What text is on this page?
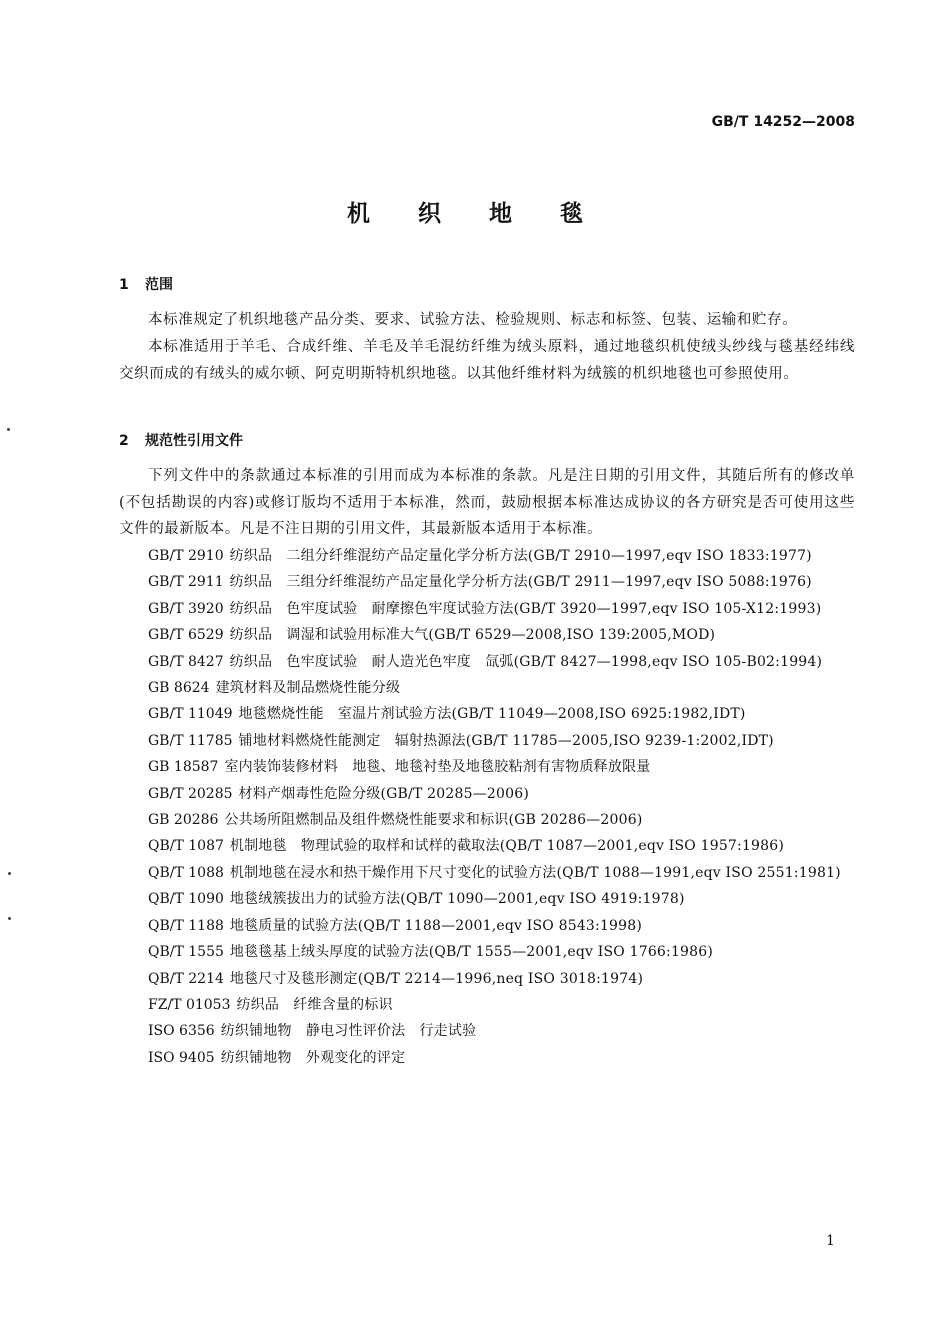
GB/T 14252—2008
机 织 地 毯
1 范围

本标准规定了机织地毯产品分类、要求、试验方法、检验规则、标志和标签、包装、运输和贮存。

本标准适用于羊毛、合成纤维、羊毛及羊毛混纺纤维为绒头原料，通过地毯织机使绒头纱线与毯基经纬线交织而成的有绒头的威尔顿、阿克明斯特机织地毯。以其他纤维材料为绒簇的机织地毯也可参照使用。

2 规范性引用文件

下列文件中的条款通过本标准的引用而成为本标准的条款。凡是注日期的引用文件，其随后所有的修改单(不包括勘误的内容)或修订版均不适用于本标准，然而，鼓励根据本标准达成协议的各方研究是否可使用这些文件的最新版本。凡是不注日期的引用文件，其最新版本适用于本标准。

GB/T 2910 纺织品　二组分纤维混纺产品定量化学分析方法(GB/T 2910—1997,eqv ISO 1833:1977)

GB/T 2911 纺织品　三组分纤维混纺产品定量化学分析方法(GB/T 2911—1997,eqv ISO 5088:1976)

GB/T 3920 纺织品　色牢度试验　耐摩擦色牢度试验方法(GB/T 3920—1997,eqv ISO 105-X12:1993)

GB/T 6529 纺织品　调湿和试验用标准大气(GB/T 6529—2008,ISO 139:2005,MOD)

GB/T 8427 纺织品　色牢度试验　耐人造光色牢度　氙弧(GB/T 8427—1998,eqv ISO 105-B02:1994)

GB 8624 建筑材料及制品燃烧性能分级

GB/T 11049 地毯燃烧性能　室温片剂试验方法(GB/T 11049—2008,ISO 6925:1982,IDT)

GB/T 11785 铺地材料燃烧性能测定　辐射热源法(GB/T 11785—2005,ISO 9239-1:2002,IDT)

GB 18587 室内装饰装修材料　地毯、地毯衬垫及地毯胶粘剂有害物质释放限量

GB/T 20285 材料产烟毒性危险分级(GB/T 20285—2006)

GB 20286 公共场所阻燃制品及组件燃烧性能要求和标识(GB 20286—2006)

QB/T 1087 机制地毯　物理试验的取样和试样的截取法(QB/T 1087—2001,eqv ISO 1957:1986)

QB/T 1088 机制地毯在浸水和热干燥作用下尺寸变化的试验方法(QB/T 1088—1991,eqv ISO 2551:1981)

QB/T 1090 地毯绒簇拔出力的试验方法(QB/T 1090—2001,eqv ISO 4919:1978)

QB/T 1188 地毯质量的试验方法(QB/T 1188—2001,eqv ISO 8543:1998)

QB/T 1555 地毯毯基上绒头厚度的试验方法(QB/T 1555—2001,eqv ISO 1766:1986)

QB/T 2214 地毯尺寸及毯形测定(QB/T 2214—1996,neq ISO 3018:1974)

FZ/T 01053 纺织品　纤维含量的标识

ISO 6356 纺织铺地物　静电习性评价法　行走试验

ISO 9405 纺织铺地物　外观变化的评定

1
